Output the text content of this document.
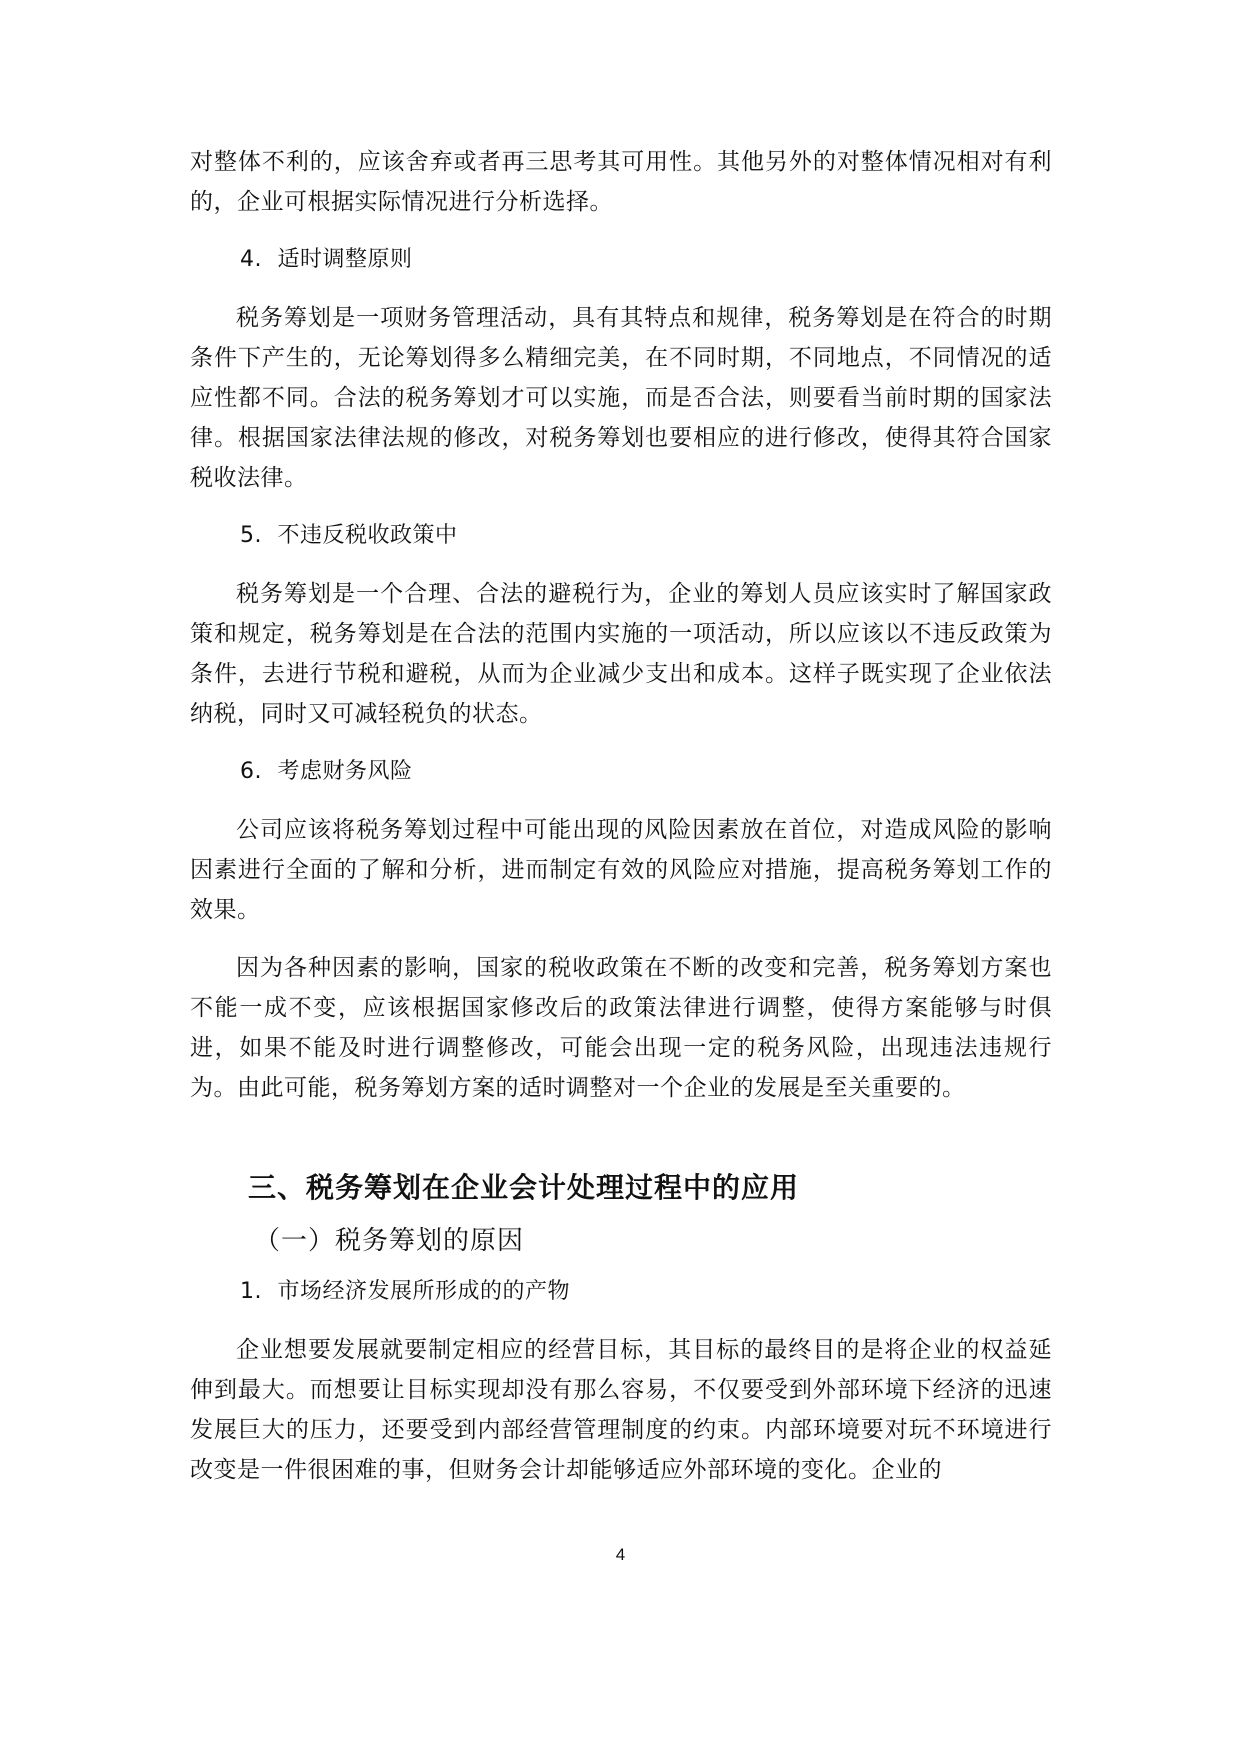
对整体不利的，应该舍弃或者再三思考其可用性。其他另外的对整体情况相对有利的，企业可根据实际情况进行分析选择。

4. 适时调整原则

税务筹划是一项财务管理活动，具有其特点和规律，税务筹划是在符合的时期条件下产生的，无论筹划得多么精细完美，在不同时期，不同地点，不同情况的适应性都不同。合法的税务筹划才可以实施，而是否合法，则要看当前时期的国家法律。根据国家法律法规的修改，对税务筹划也要相应的进行修改，使得其符合国家税收法律。

5. 不违反税收政策中

税务筹划是一个合理、合法的避税行为，企业的筹划人员应该实时了解国家政策和规定，税务筹划是在合法的范围内实施的一项活动，所以应该以不违反政策为条件，去进行节税和避税，从而为企业减少支出和成本。这样子既实现了企业依法纳税，同时又可减轻税负的状态。

6. 考虑财务风险

公司应该将税务筹划过程中可能出现的风险因素放在首位，对造成风险的影响因素进行全面的了解和分析，进而制定有效的风险应对措施，提高税务筹划工作的效果。

因为各种因素的影响，国家的税收政策在不断的改变和完善，税务筹划方案也不能一成不变，应该根据国家修改后的政策法律进行调整，使得方案能够与时俱进，如果不能及时进行调整修改，可能会出现一定的税务风险，出现违法违规行为。由此可能，税务筹划方案的适时调整对一个企业的发展是至关重要的。

三、税务筹划在企业会计处理过程中的应用
（一）税务筹划的原因
1. 市场经济发展所形成的的产物

企业想要发展就要制定相应的经营目标，其目标的最终目的是将企业的权益延伸到最大。而想要让目标实现却没有那么容易，不仅要受到外部环境下经济的迅速发展巨大的压力，还要受到内部经营管理制度的约束。内部环境要对玩不环境进行改变是一件很困难的事，但财务会计却能够适应外部环境的变化。企业的

4
